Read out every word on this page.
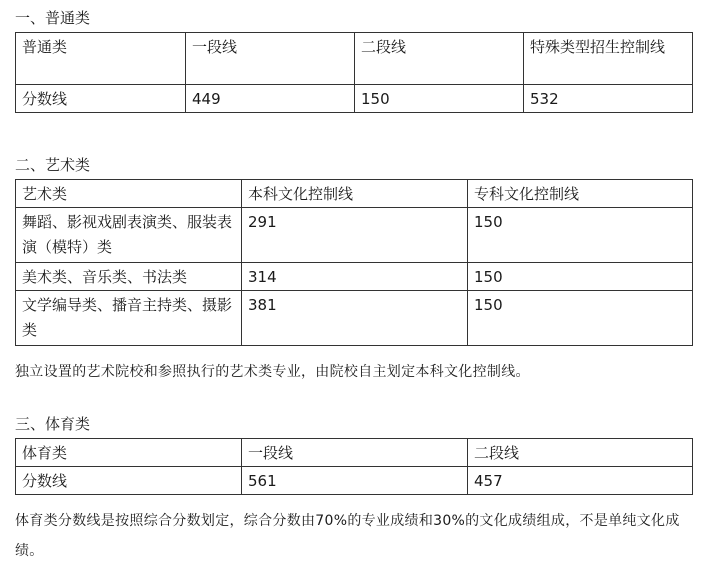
一、普通类
普通类	一段线	二段线	特殊类型招生控制线
分数线	449	150	532
二、艺术类
艺术类	本科文化控制线	专科文化控制线
舞蹈、影视戏剧表演类、服装表演（模特）类	291	150
美术类、音乐类、书法类	314	150
文学编导类、播音主持类、摄影类	381	150
独立设置的艺术院校和参照执行的艺术类专业，由院校自主划定本科文化控制线。
三、体育类
体育类	一段线	二段线
分数线	561	457
体育类分数线是按照综合分数划定，综合分数由70%的专业成绩和30%的文化成绩组成，不是单纯文化成绩。
